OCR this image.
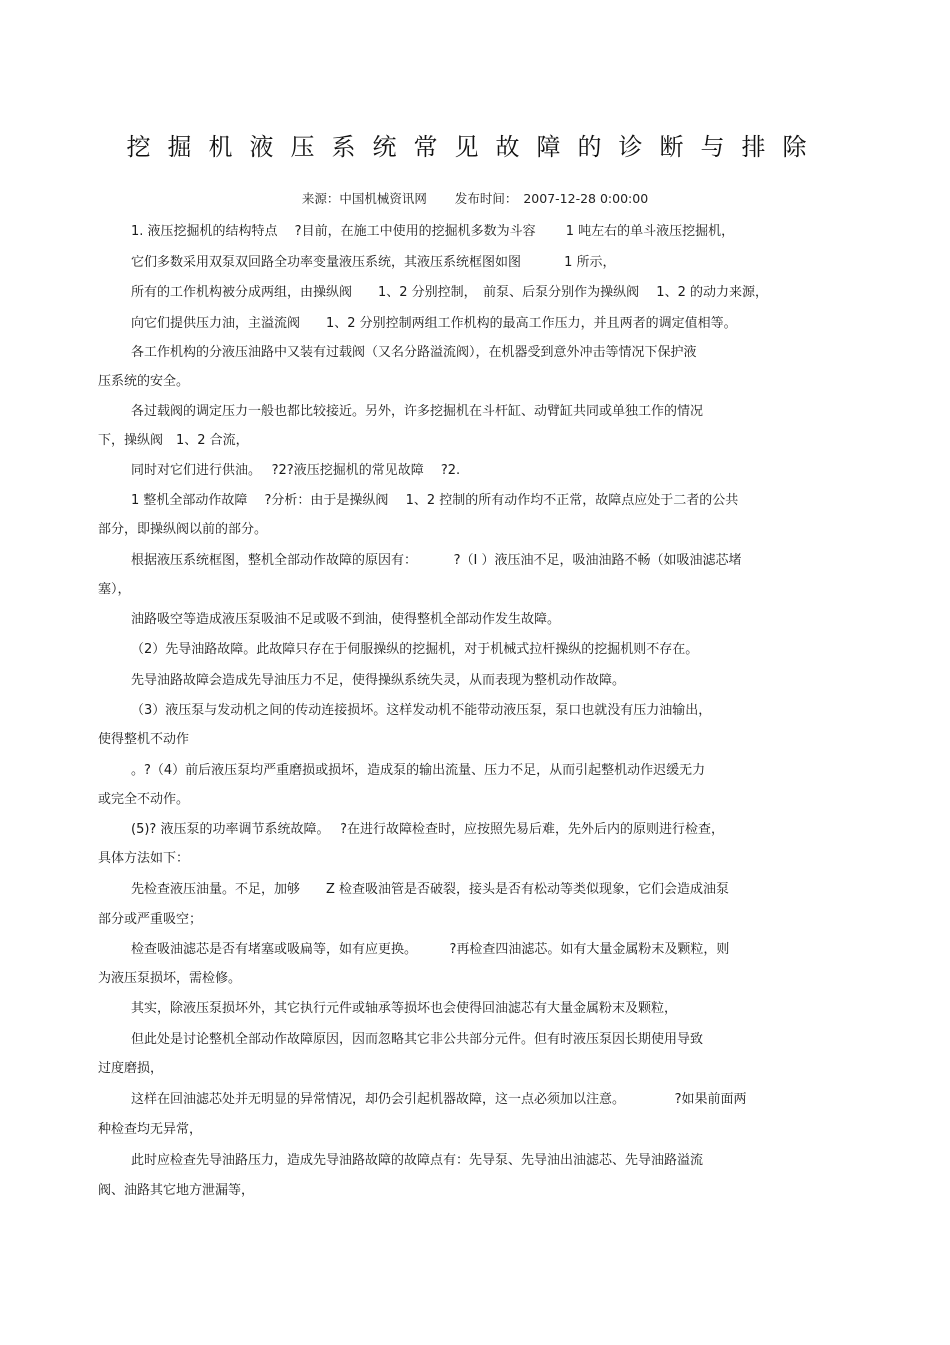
挖掘机液压系统常见故障的诊断与排除
来源：中国机械资讯网 发布时间： 2007-12-28 0:00:00
1. 液压挖掘机的结构特点　 ?目前，在施工中使用的挖掘机多数为斗容　　 1 吨左右的单斗液压挖掘机，
它们多数采用双泵双回路全功率变量液压系统，其液压系统框图如图　　　 1 所示，
所有的工作机构被分成两组，由操纵阀　　1、2 分别控制，　前泵、后泵分别作为操纵阀　 1、2 的动力来源，
向它们提供压力油，主溢流阀　　1、2 分别控制两组工作机构的最高工作压力，并且两者的调定值相等。
各工作机构的分液压油路中又装有过载阀（又名分路溢流阀），在机器受到意外冲击等情况下保护液
压系统的安全。
各过载阀的调定压力一般也都比较接近。另外，许多挖掘机在斗杆缸、动臂缸共同或单独工作的情况
下，操纵阀　1、2 合流，
同时对它们进行供油。　 ?2?液压挖掘机的常见故障　 ?2.
1 整机全部动作故障　 ?分析：由于是操纵阀　 1、2 控制的所有动作均不正常，故障点应处于二者的公共
部分，即操纵阀以前的部分。
根据液压系统框图，整机全部动作故障的原因有：　　　 ?（I ）液压油不足，吸油油路不畅（如吸油滤芯堵
塞），
油路吸空等造成液压泵吸油不足或吸不到油，使得整机全部动作发生故障。
（2）先导油路故障。此故障只存在于伺服操纵的挖掘机，对于机械式拉杆操纵的挖掘机则不存在。
先导油路故障会造成先导油压力不足，使得操纵系统失灵，从而表现为整机动作故障。
（3）液压泵与发动机之间的传动连接损坏。这样发动机不能带动液压泵，泵口也就没有压力油输出，
使得整机不动作
。?（4）前后液压泵均严重磨损或损坏，造成泵的输出流量、压力不足，从而引起整机动作迟缓无力
或完全不动作。
(5)? 液压泵的功率调节系统故障。　 ?在进行故障检查时，应按照先易后难，先外后内的原则进行检查，
具体方法如下：
先检查液压油量。不足，加够　　Z 检查吸油管是否破裂，接头是否有松动等类似现象，它们会造成油泵
部分或严重吸空；
检查吸油滤芯是否有堵塞或吸扁等，如有应更换。　　　?再检查四油滤芯。如有大量金属粉末及颗粒，则
为液压泵损坏，需检修。
其实，除液压泵损坏外，其它执行元件或轴承等损坏也会使得回油滤芯有大量金属粉末及颗粒，
但此处是讨论整机全部动作故障原因，因而忽略其它非公共部分元件。但有时液压泵因长期使用导致
过度磨损，
这样在回油滤芯处并无明显的异常情况，却仍会引起机器故障，这一点必须加以注意。　　　　 ?如果前面两
种检查均无异常，
此时应检查先导油路压力，造成先导油路故障的故障点有：先导泵、先导油出油滤芯、先导油路溢流
阀、油路其它地方泄漏等，
